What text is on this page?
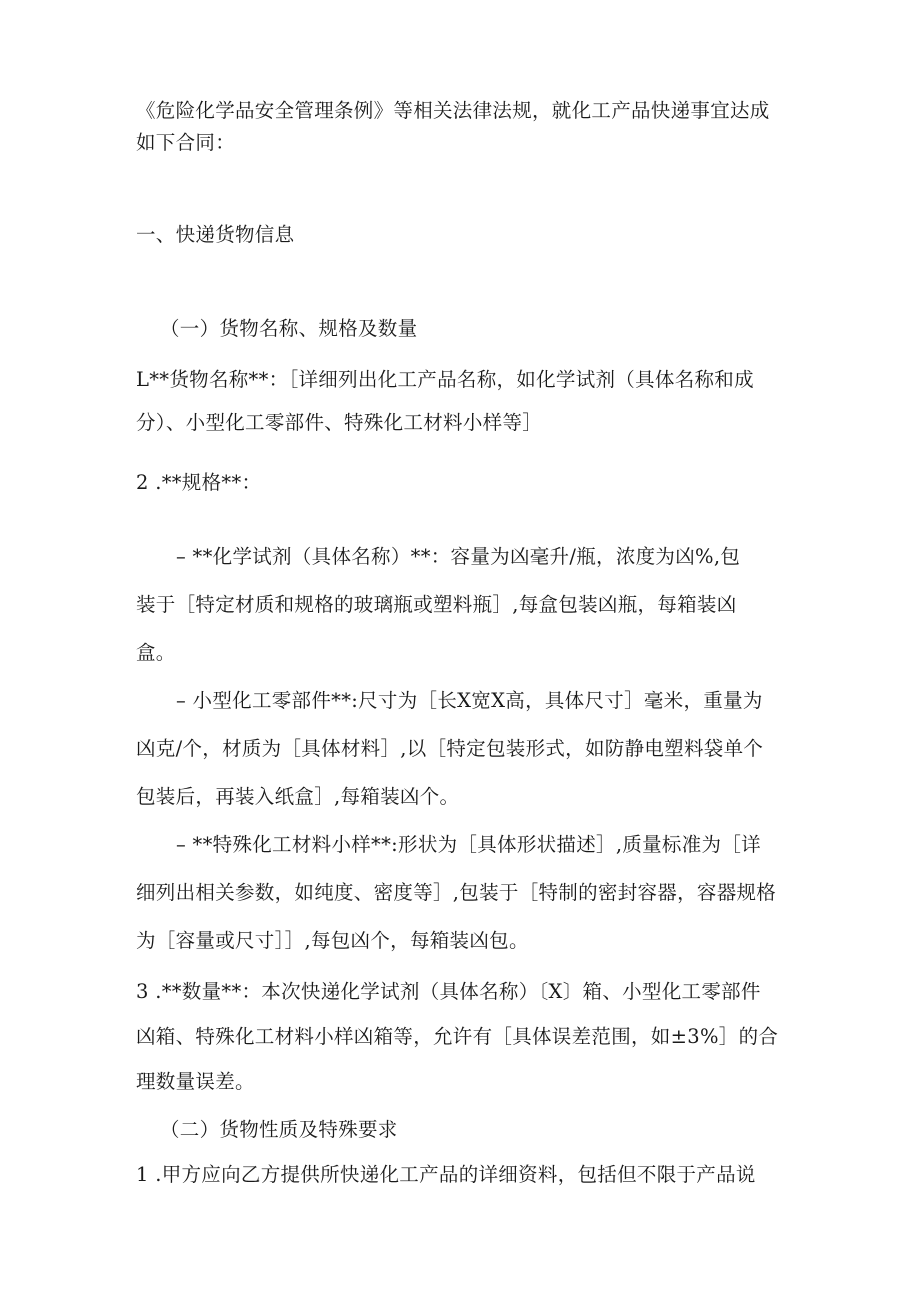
《危险化学品安全管理条例》等相关法律法规，就化工产品快递事宜达成
如下合同：
一、快递货物信息
（一）货物名称、规格及数量
L**货物名称**：［详细列出化工产品名称，如化学试剂（具体名称和成
分）、小型化工零部件、特殊化工材料小样等］
2 .**规格**：
– **化学试剂（具体名称）**：容量为凶毫升/瓶，浓度为凶%,包
装于［特定材质和规格的玻璃瓶或塑料瓶］,每盒包装凶瓶，每箱装凶
盒。
– 小型化工零部件**:尺寸为［长X宽X高，具体尺寸］毫米，重量为
凶克/个，材质为［具体材料］,以［特定包装形式，如防静电塑料袋单个
包装后，再装入纸盒］,每箱装凶个。
– **特殊化工材料小样**:形状为［具体形状描述］,质量标准为［详
细列出相关参数，如纯度、密度等］,包装于［特制的密封容器，容器规格
为［容量或尺寸］］,每包凶个，每箱装凶包。
3 .**数量**：本次快递化学试剂（具体名称）〔X〕箱、小型化工零部件
凶箱、特殊化工材料小样凶箱等，允许有［具体误差范围，如±3%］的合
理数量误差。
（二）货物性质及特殊要求
1 .甲方应向乙方提供所快递化工产品的详细资料，包括但不限于产品说
